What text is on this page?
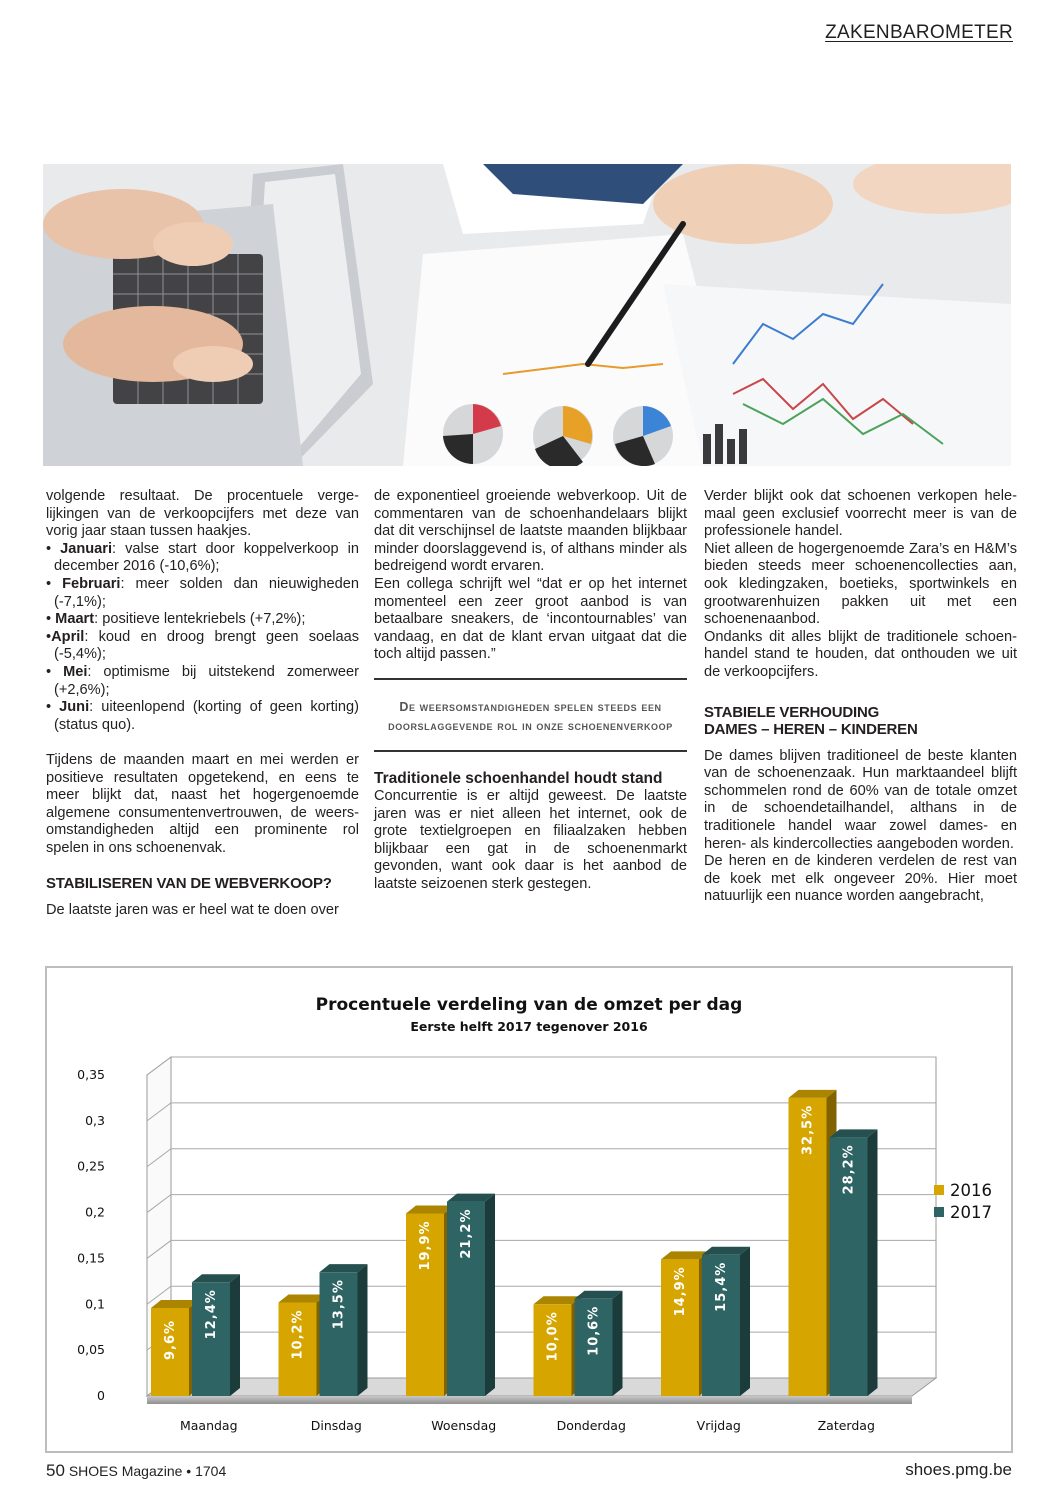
ZAKENBAROMETER

volgende resultaat. De procentuele verge-lijkingen van de verkoopcijfers met deze van vorig jaar staan tussen haakjes.

• Januari: valse start door koppelverkoop in december 2016 (-10,6%);

• Februari: meer solden dan nieuwigheden (-7,1%);

• Maart: positieve lentekriebels (+7,2%);

•April: koud en droog brengt geen soelaas (-5,4%);

• Mei: optimisme bij uitstekend zomerweer (+2,6%);

• Juni: uiteenlopend (korting of geen korting) (status quo).

Tijdens de maanden maart en mei werden er positieve resultaten opgetekend, en eens te meer blijkt dat, naast het hogergenoemde algemene consumentenvertrouwen, de weers-omstandigheden altijd een prominente rol spelen in ons schoenenvak.

STABILISEREN VAN DE WEBVERKOOP?

De laatste jaren was er heel wat te doen over

de exponentieel groeiende webverkoop. Uit de commentaren van de schoenhandelaars blijkt dat dit verschijnsel de laatste maanden blijkbaar minder doorslaggevend is, of althans minder als bedreigend wordt ervaren.

Een collega schrijft wel “dat er op het internet momenteel een zeer groot aanbod is van betaalbare sneakers, de ‘incontournables’ van vandaag, en dat de klant ervan uitgaat dat die toch altijd passen.”

De weersomstandigheden spelen steeds een doorslaggevende rol in onze schoenenverkoop

Traditionele schoenhandel houdt stand

Concurrentie is er altijd geweest. De laatste jaren was er niet alleen het internet, ook de grote textielgroepen en filiaalzaken hebben blijkbaar een gat in de schoenenmarkt gevonden, want ook daar is het aanbod de laatste seizoenen sterk gestegen.

Verder blijkt ook dat schoenen verkopen hele-maal geen exclusief voorrecht meer is van de professionele handel.

Niet alleen de hogergenoemde Zara’s en H&M’s bieden steeds meer schoenencollecties aan, ook kledingzaken, boetieks, sportwinkels en grootwarenhuizen pakken uit met een schoenenaanbod.

Ondanks dit alles blijkt de traditionele schoen-handel stand te houden, dat onthouden we uit de verkoopcijfers.

STABIELE VERHOUDING

DAMES – HEREN – KINDEREN

De dames blijven traditioneel de beste klanten van de schoenenzaak. Hun marktaandeel blijft schommelen rond de 60% van de totale omzet in de schoendetailhandel, althans in de traditionele handel waar zowel dames- en heren- als kindercollecties aangeboden worden.

De heren en de kinderen verdelen de rest van de koek met elk ongeveer 20%. Hier moet natuurlijk een nuance worden aangebracht,

Procentuele verdeling van de omzet per dag
Eerste helft 2017 tegenover 2016
0
0,05
0,1
0,15
0,2
0,25
0,3
0,35
9,6%
12,4%
Maandag
10,2%
13,5%
Dinsdag
19,9% 21,2%
Woensdag
10,0% 10,6%
Donderdag
14,9% 15,4%
Vrijdag
32,5%
28,2%
Zaterdag
2016
2017
50 SHOES Magazine • 1704	shoes.pmg.be
